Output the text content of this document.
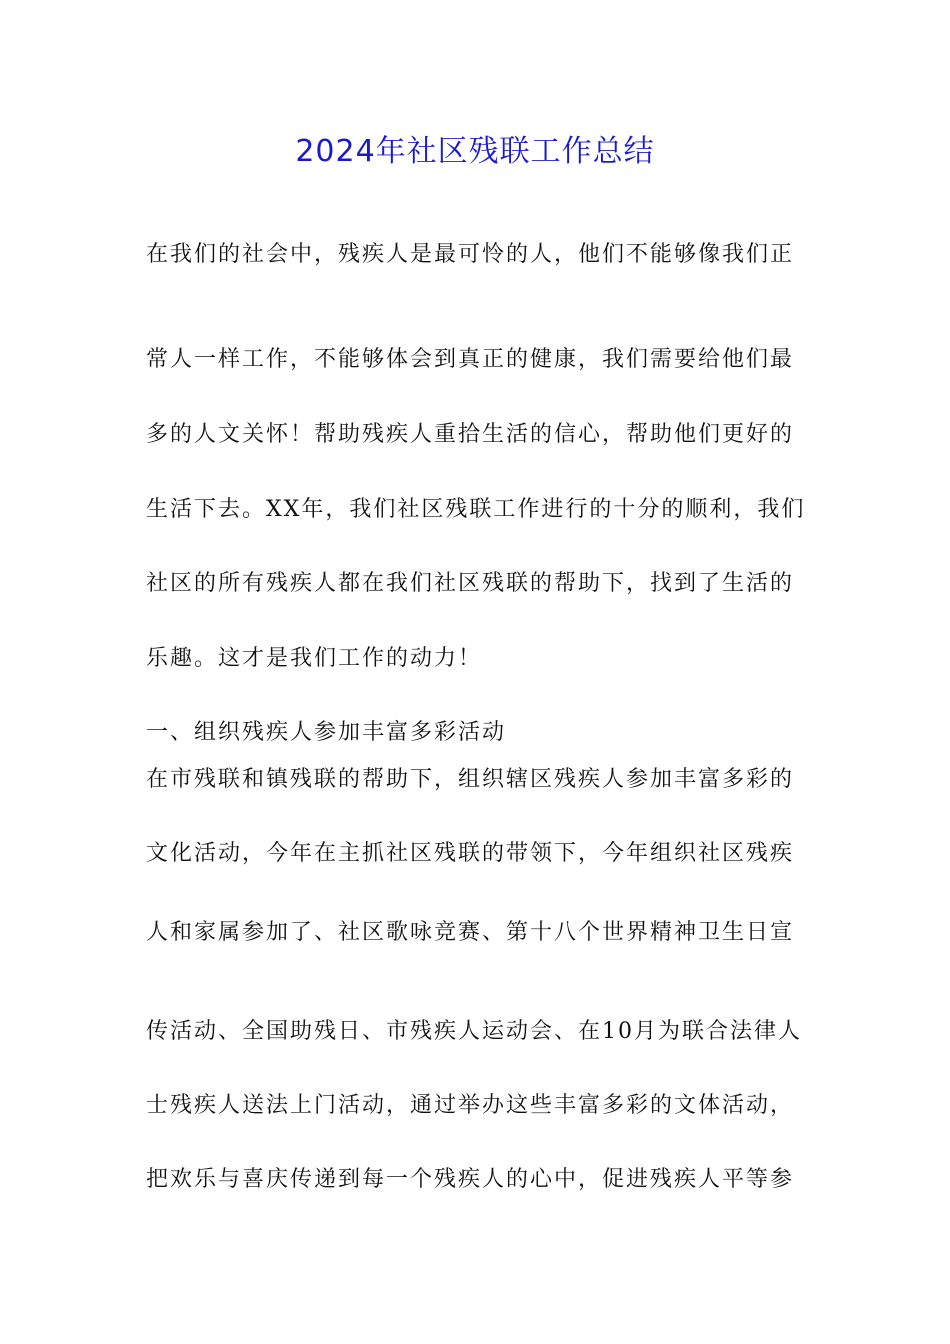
2024年社区残联工作总结
在我们的社会中，残疾人是最可怜的人，他们不能够像我们正
常人一样工作，不能够体会到真正的健康，我们需要给他们最
多的人文关怀！帮助残疾人重拾生活的信心，帮助他们更好的
生活下去。XX年，我们社区残联工作进行的十分的顺利，我们
社区的所有残疾人都在我们社区残联的帮助下，找到了生活的
乐趣。这才是我们工作的动力！
一、组织残疾人参加丰富多彩活动
在市残联和镇残联的帮助下，组织辖区残疾人参加丰富多彩的
文化活动，今年在主抓社区残联的带领下，今年组织社区残疾
人和家属参加了、社区歌咏竞赛、第十八个世界精神卫生日宣
传活动、全国助残日、市残疾人运动会、在10月为联合法律人
士残疾人送法上门活动，通过举办这些丰富多彩的文体活动，
把欢乐与喜庆传递到每一个残疾人的心中，促进残疾人平等参
